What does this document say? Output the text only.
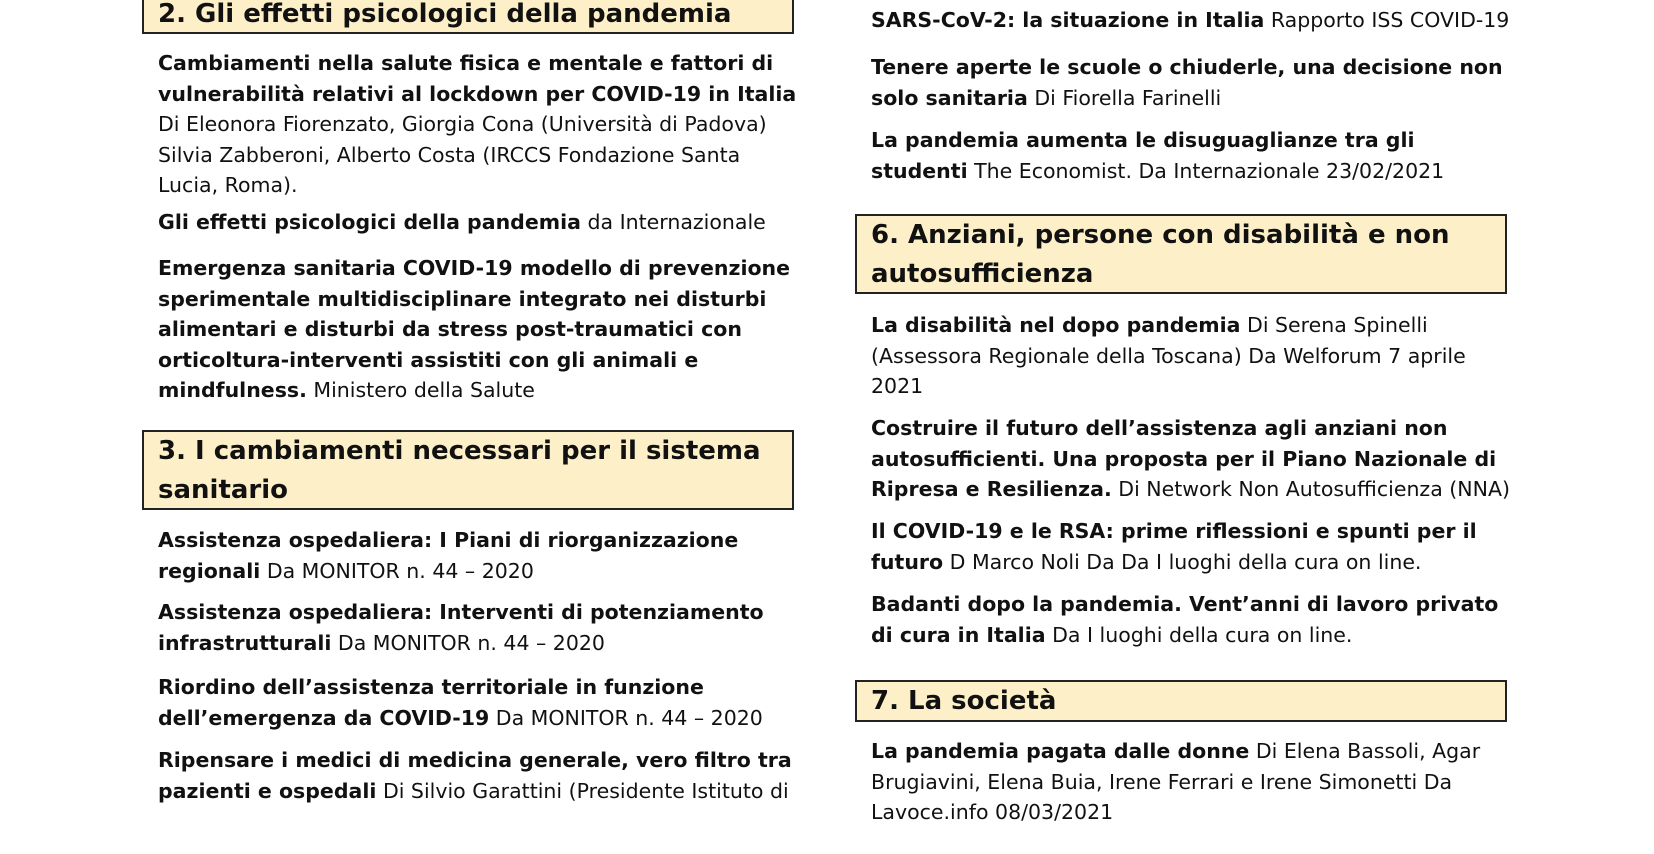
2. Gli effetti psicologici della pandemia
Cambiamenti nella salute fisica e mentale e fattori di vulnerabilità relativi al lockdown per COVID-19 in Italia Di Eleonora Fiorenzato, Giorgia Cona (Università di Padova) Silvia Zabberoni, Alberto Costa (IRCCS Fondazione Santa Lucia, Roma).
Gli effetti psicologici della pandemia da Internazionale
Emergenza sanitaria COVID-19 modello di prevenzione sperimentale multidisciplinare integrato nei disturbi alimentari e disturbi da stress post-traumatici con orticoltura-interventi assistiti con gli animali e mindfulness. Ministero della Salute
3. I cambiamenti necessari per il sistema
sanitario
Assistenza ospedaliera: I Piani di riorganizzazione regionali Da MONITOR n. 44 – 2020
Assistenza ospedaliera: Interventi di potenziamento infrastrutturali Da MONITOR n. 44 – 2020
Riordino dell’assistenza territoriale in funzione dell’emergenza da COVID-19 Da MONITOR n. 44 – 2020
Ripensare i medici di medicina generale, vero filtro tra pazienti e ospedali Di Silvio Garattini (Presidente Istituto di
SARS-CoV-2: la situazione in Italia Rapporto ISS COVID-19
Tenere aperte le scuole o chiuderle, una decisione non solo sanitaria Di Fiorella Farinelli
La pandemia aumenta le disuguaglianze tra gli studenti The Economist. Da Internazionale 23/02/2021
6. Anziani, persone con disabilità e non
autosufficienza
La disabilità nel dopo pandemia Di Serena Spinelli (Assessora Regionale della Toscana) Da Welforum 7 aprile 2021
Costruire il futuro dell’assistenza agli anziani non autosufficienti. Una proposta per il Piano Nazionale di Ripresa e Resilienza. Di Network Non Autosufficienza (NNA)
Il COVID-19 e le RSA: prime riflessioni e spunti per il futuro D Marco Noli Da Da I luoghi della cura on line.
Badanti dopo la pandemia. Vent’anni di lavoro privato di cura in Italia Da I luoghi della cura on line.
7. La società
La pandemia pagata dalle donne Di Elena Bassoli, Agar Brugiavini, Elena Buia, Irene Ferrari e Irene Simonetti Da Lavoce.info 08/03/2021
